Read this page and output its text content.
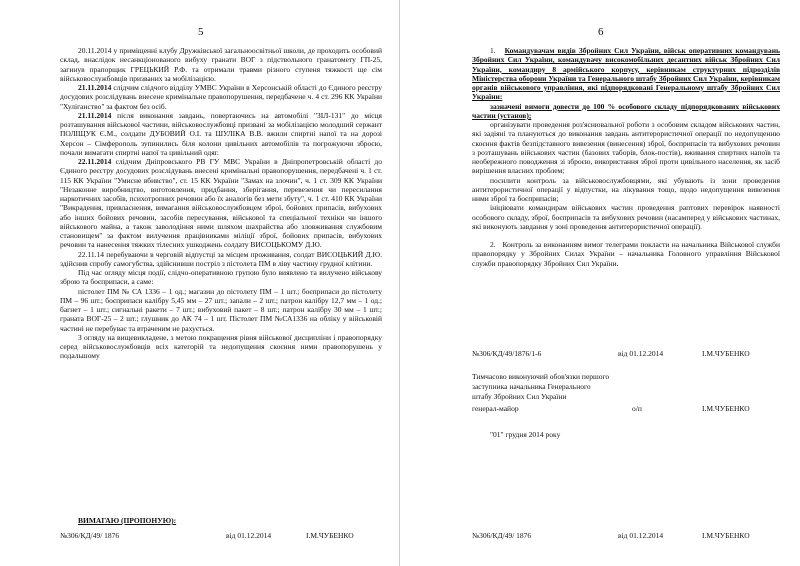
5

20.11.2014 у приміщенні клубу Дружківської загальноосвітньої школи, де проходить особовий склад, внаслідок несанкціонованого вибуху гранати ВОГ з підствольного гранатомету ГП-25, загинув прапорщик ГРЕЦЬКИЙ Р.Ф. та отримали травми різного ступеня тяжкості ще сім військовослужбовців призваних за мобілізацією.

21.11.2014 слідчим слідчого відділу УМВС України в Херсонській області до Єдиного реєстру досудових розслідувань внесене кримінальне правопорушення, передбачене ч. 4 ст. 296 КК України "Хуліганство" за фактом без осіб.

21.11.2014 після виконання завдань, повертаючись на автомобілі "ЗІЛ-131" до місця розташування військової частини, військовослужбовці призвані за мобілізацією молодший сержант ПОЛІЩУК Є.М., солдати ДУБОВИЙ О.І. та ШУЛІКА В.В. вжили спиртні напої та на дорозі Херсон – Сімферополь зупинились біля колони цивільних автомобілів та погрожуючи зброєю, почали вимагати спиртні напої та цивільний одяг.

22.11.2014 слідчим Дніпровського РВ ГУ МВС України в Дніпропетровській області до Єдиного реєстру досудових розслідувань внесені кримінальні правопорушення, передбачені ч. 1 ст. 115 КК України "Умисне вбивство", ст. 15 КК України "Замах на злочин", ч. 1 ст. 309 КК України "Незаконне виробництво, виготовлення, придбання, зберігання, перевезення чи пересилання наркотичних засобів, психотропних речовин або їх аналогів без мети збуту", ч. 1 ст. 410 КК України "Викрадення, привласнення, вимагання військовослужбовцем зброї, бойових припасів, вибухових або інших бойових речовин, засобів пересування, військової та спеціальної техніки чи іншого військового майна, а також заволодіння ними шляхом шахрайства або зловживання службовим становищем" за фактом вилучення працівниками міліції зброї, бойових припасів, вибухових речовин та нанесення тяжких тілесних ушкоджень солдату ВИСОЦЬКОМУ Д.Ю.

22.11.14 перебуваючи в черговій відпустці за місцем проживання, солдат ВИСОЦЬКИЙ Д.Ю. здійснив спробу самогубства, здійснивши постріл з пістолета ПМ в ліву частину грудної клітини.

Під час огляду місця події, слідчо-оперативною групою було виявлено та вилучено військову зброю та боєприпаси, а саме:

пістолет ПМ № СА 1336 – 1 од.; магазин до пістолету ПМ – 1 шт.; боєприпаси до пістолету ПМ – 96 шт.; боєприпаси калібру 5,45 мм – 27 шт.; запали – 2 шт.; патрон калібру 12,7 мм – 1 од.; багнет – 1 шт.; сигнальні ракети – 7 шт.; вибуховий пакет – 8 шт.; патрон калібру 30 мм – 1 шт.; граната ВОГ-25 – 2 шт.; глушник до АК 74 – 1 шт. Пістолет ПМ №СА1336 на обліку у військовій частині не перебуває та втраченим не рахується.

З огляду на вищевикладене, з метою покращення рівня військової дисципліни і правопорядку серед військовослужбовців всіх категорій та недопущення скоєння ними правопорушень у подальшому

ВИМАГАЮ (ПРОПОНУЮ):
№306/КД/49/ 1876	від 01.12.2014	І.М.ЧУБЕНКО
6

1. Командувачам видів Збройних Сил України, військ оперативних командувань Збройних Сил України, командувачу високомобільних десантних військ Збройних Сил України, командиру 8 армійського корпусу, керівникам структурних підрозділів Міністерства оборони України та Генерального штабу Збройних Сил України, керівникам органів військового управління, які підпорядковані Генеральному штабу Збройних Сил України:

зазначені вимоги довести до 100 % особового складу підпорядкованих військових частин (установ);

організувати проведення роз'яснювальної роботи з особовим складом військових частин, які задіяні та плануються до виконання завдань антитерористичної операції по недопущенню скоєння фактів безпідставного вивезення (винесення) зброї, боєприпасів та вибухових речовин з розташувань військових частин (базових таборів, блок-постів), вживання спиртних напоїв та необережного поводження зі зброєю, використання зброї проти цивільного населення, як засіб вирішення власних проблем;

посилити контроль за військовослужбовцями, які убувають із зони проведення антитерористичної операції у відпустки, на лікування тощо, щодо недопущення вивезення ними зброї та боєприпасів;

ініціювати командирам військових частин проведення раптових перевірок наявності особового складу, зброї, боєприпасів та вибухових речовин (насамперед у військових частинах, які виконують завдання у зоні проведення антитерористичної операції).

2. Контроль за виконанням вимог телеграми покласти на начальника Військової служби правопорядку у Збройних Силах України – начальника Головного управління Військової служби правопорядку Збройних Сил України.

№306/КД/49/1876/1-6	від 01.12.2014	І.М.ЧУБЕНКО
Тимчасово виконуючий обов'язки першого
заступника начальника Генерального
штабу Збройних Сил України
генерал-майор	о/п	І.М.ЧУБЕНКО
"01" грудня 2014 року
№306/КД/49/ 1876	від 01.12.2014	І.М.ЧУБЕНКО
